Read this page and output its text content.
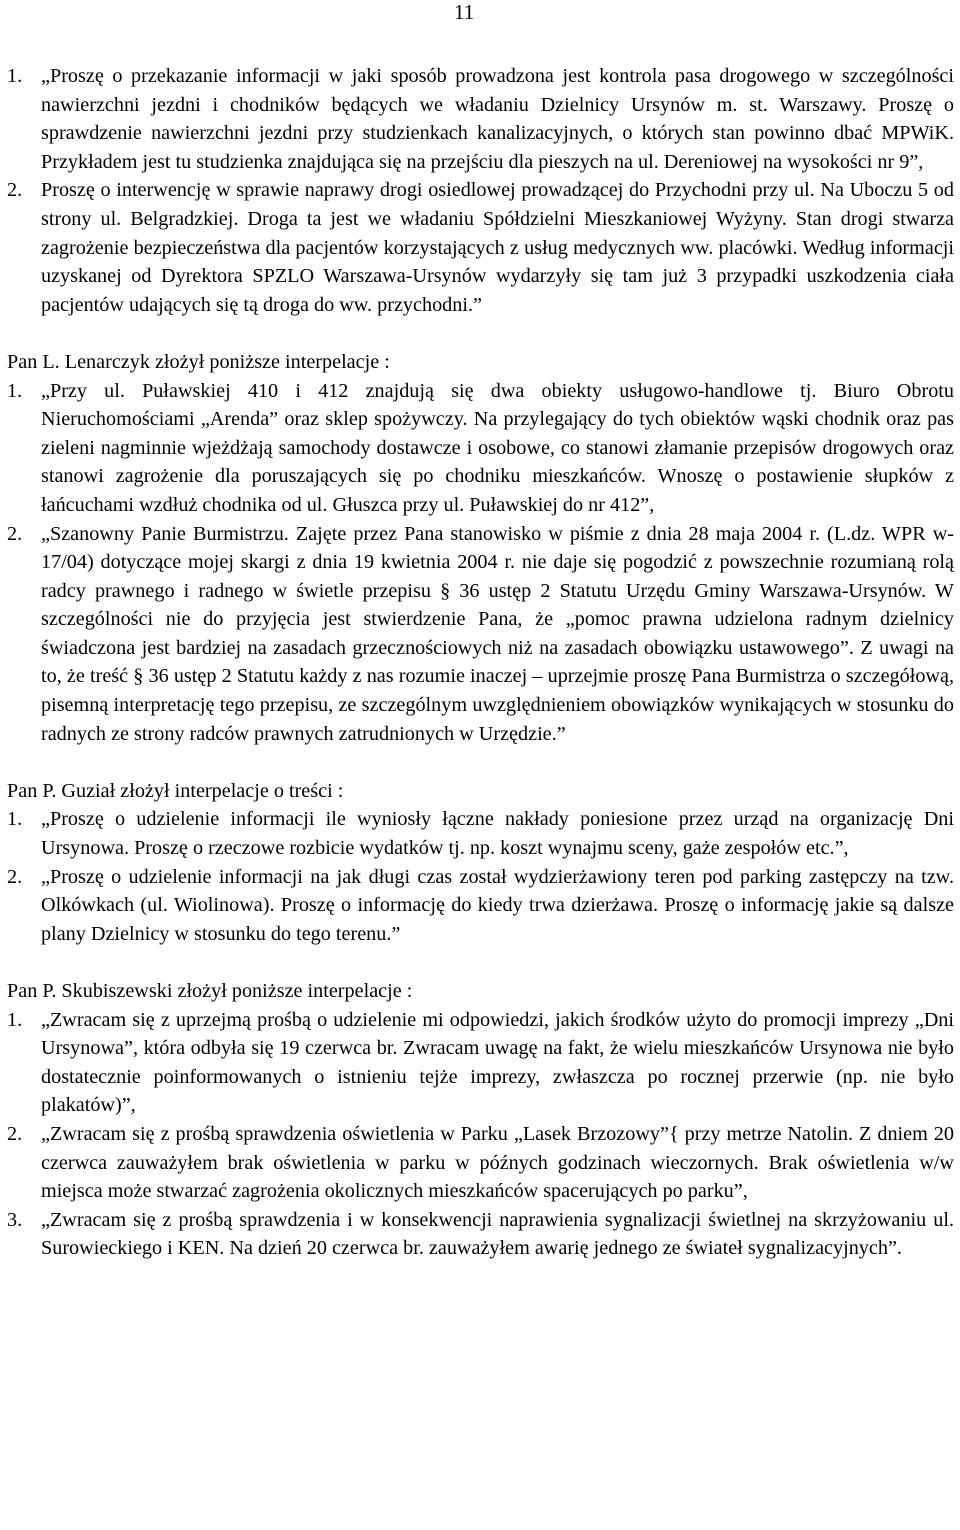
11
1. „Proszę o przekazanie informacji w jaki sposób prowadzona jest kontrola pasa drogowego w szczególności nawierzchni jezdni i chodników będących we władaniu Dzielnicy Ursynów m. st. Warszawy. Proszę o sprawdzenie nawierzchni jezdni przy studzienkach kanalizacyjnych, o których stan powinno dbać MPWiK. Przykładem jest tu studzienka znajdująca się na przejściu dla pieszych na ul. Dereniowej na wysokości nr 9”,
2. Proszę o interwencję w sprawie naprawy drogi osiedlowej prowadzącej do Przychodni przy ul. Na Uboczu 5 od strony ul. Belgradzkiej. Droga ta jest we władaniu Spółdzielni Mieszkaniowej Wyżyny. Stan drogi stwarza zagrożenie bezpieczeństwa dla pacjentów korzystających z usług medycznych ww. placówki. Według informacji uzyskanej od Dyrektora SPZLO Warszawa-Ursynów wydarzyły się tam już 3 przypadki uszkodzenia ciała pacjentów udających się tą droga do ww. przychodni.”
Pan L. Lenarczyk złożył poniższe interpelacje :
1. „Przy ul. Puławskiej 410 i 412 znajdują się dwa obiekty usługowo-handlowe tj. Biuro Obrotu Nieruchomościami „Arenda” oraz sklep spożywczy. Na przylegający do tych obiektów wąski chodnik oraz pas zieleni nagminnie wjeżdżają samochody dostawcze i osobowe, co stanowi złamanie przepisów drogowych oraz stanowi zagrożenie dla poruszających się po chodniku mieszkańców. Wnoszę o postawienie słupków z łańcuchami wzdłuż chodnika od ul. Głuszca przy ul. Puławskiej do nr 412”,
2. „Szanowny Panie Burmistrzu. Zajęte przez Pana stanowisko w piśmie z dnia 28 maja 2004 r. (L.dz. WPR w-17/04) dotyczące mojej skargi z dnia 19 kwietnia 2004 r. nie daje się pogodzić z powszechnie rozumianą rolą radcy prawnego i radnego w świetle przepisu § 36 ustęp 2 Statutu Urzędu Gminy Warszawa-Ursynów. W szczególności nie do przyjęcia jest stwierdzenie Pana, że „pomoc prawna udzielona radnym dzielnicy świadczona jest bardziej na zasadach grzecznościowych niż na zasadach obowiązku ustawowego”. Z uwagi na to, że treść § 36 ustęp 2 Statutu każdy z nas rozumie inaczej – uprzejmie proszę Pana Burmistrza o szczegółową, pisemną interpretację tego przepisu, ze szczególnym uwzględnieniem obowiązków wynikających w stosunku do radnych ze strony radców prawnych zatrudnionych w Urzędzie.”
Pan P. Guział złożył interpelacje o treści :
1. „Proszę o udzielenie informacji ile wyniosły łączne nakłady poniesione przez urząd na organizację Dni Ursynowa. Proszę o rzeczowe rozbicie wydatków tj. np. koszt wynajmu sceny, gaże zespołów etc.”,
2. „Proszę o udzielenie informacji na jak długi czas został wydzierżawiony teren pod parking zastępczy na tzw. Olkówkach (ul. Wiolinowa). Proszę o informację do kiedy trwa dzierżawa. Proszę o informację jakie są dalsze plany Dzielnicy w stosunku do tego terenu.”
Pan P. Skubiszewski złożył poniższe interpelacje :
1. „Zwracam się z uprzejmą prośbą o udzielenie mi odpowiedzi, jakich środków użyto do promocji imprezy „Dni Ursynowa”, która odbyła się 19 czerwca br. Zwracam uwagę na fakt, że wielu mieszkańców Ursynowa nie było dostatecznie poinformowanych o istnieniu tejże imprezy, zwłaszcza po rocznej przerwie (np. nie było plakatów)”,
2. „Zwracam się z prośbą sprawdzenia oświetlenia w Parku „Lasek Brzozowy”{ przy metrze Natolin. Z dniem 20 czerwca zauważyłem brak oświetlenia w parku w późnych godzinach wieczornych. Brak oświetlenia w/w miejsca może stwarzać zagrożenia okolicznych mieszkańców spacerujących po parku”,
3. „Zwracam się z prośbą sprawdzenia i w konsekwencji naprawienia sygnalizacji świetlnej na skrzyżowaniu ul. Surowieckiego i KEN. Na dzień 20 czerwca br. zauważyłem awarię jednego ze świateł sygnalizacyjnych”.
